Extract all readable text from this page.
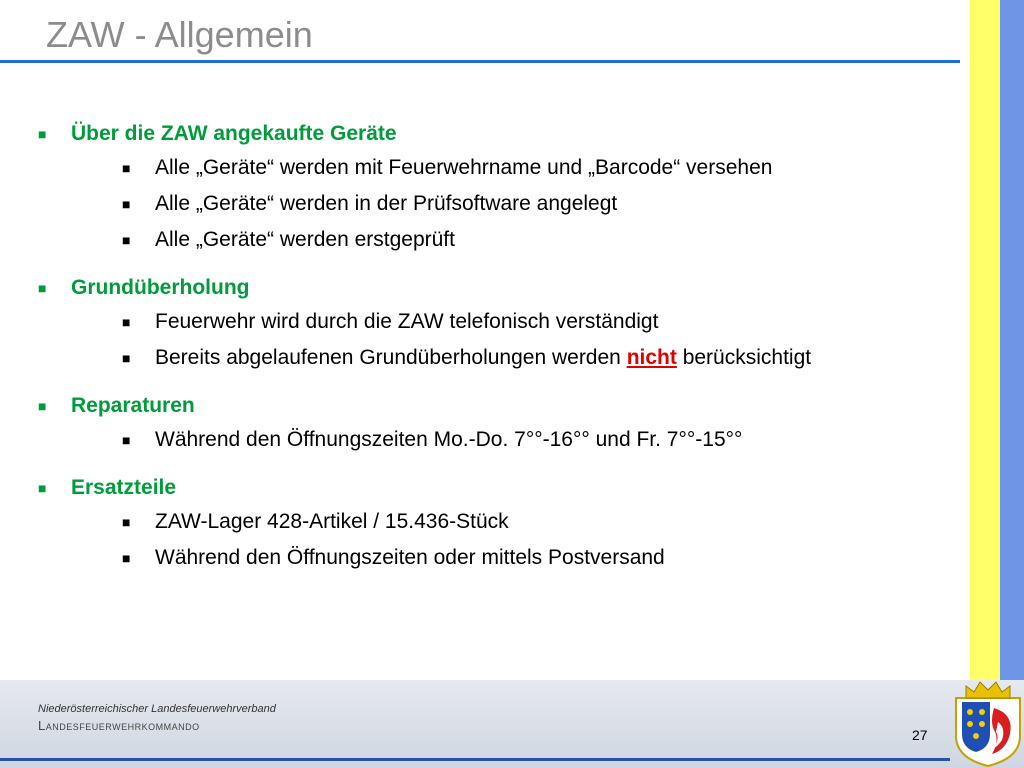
ZAW - Allgemein
■	Über die ZAW angekaufte Geräte
■	Alle „Geräte“ werden mit Feuerwehrname und „Barcode“ versehen
■	Alle „Geräte“ werden in der Prüfsoftware angelegt
■	Alle „Geräte“ werden erstgeprüft
■	Grundüberholung
■	Feuerwehr wird durch die ZAW telefonisch verständigt
■	Bereits abgelaufenen Grundüberholungen werden nicht berücksichtigt
■	Reparaturen
■	Während den Öffnungszeiten Mo.-Do. 7°°-16°° und Fr. 7°°-15°°
■	Ersatzteile
■	ZAW-Lager 428-Artikel / 15.436-Stück
■	Während den Öffnungszeiten oder mittels Postversand
Niederösterreichischer Landesfeuerwehrverband
Landesfeuerwehrkommando
27
